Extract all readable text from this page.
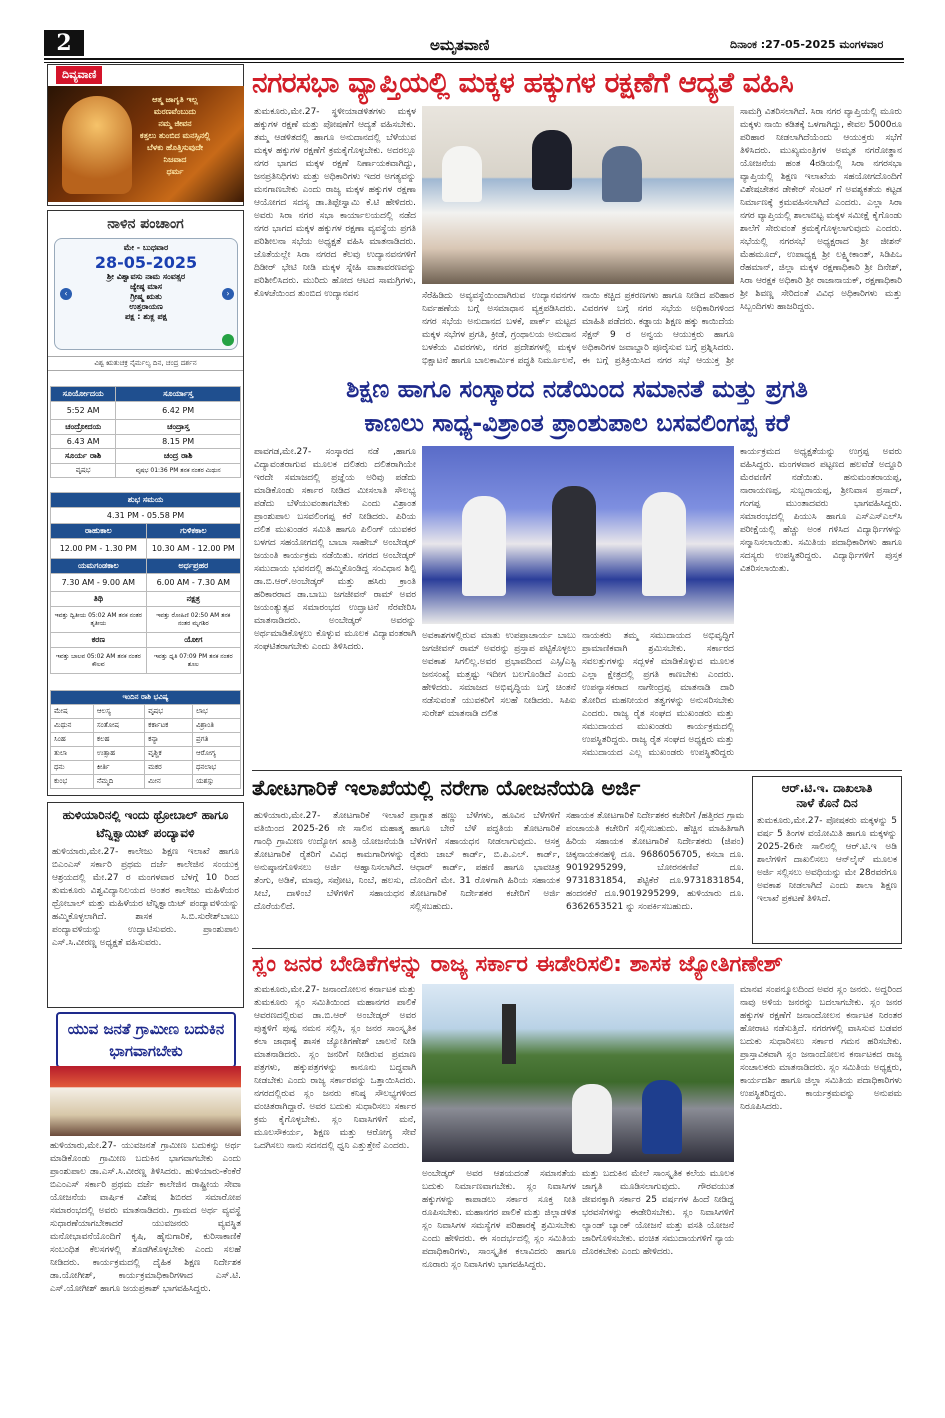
2	ಅಮೃತವಾಣಿ	ದಿನಾಂಕ :27-05-2025 ಮಂಗಳವಾರ
ದಿವ್ಯವಾಣಿ
ಆತ್ಮ ಜಾಗೃತಿ ಇಲ್ಲ
ಮರಣವೆಂಬುದು
ನಮ್ಮ ಜೀವನ
ಕತ್ತಲು ತುಂಬಿದ ಮನಸ್ಸಿನಲ್ಲಿ
ಬೆಳಕು ಹೊತ್ತಿಸುವುದೇ
ನಿಜವಾದ
ಧರ್ಮ
ನಾಳಿನ ಪಂಚಾಂಗ
ಮೇ - ಬುಧವಾರ
28-05-2025
ಶ್ರೀ ವಿಶ್ವಾವಸು ನಾಮ ಸಂವತ್ಸರ
ಜ್ಯೇಷ್ಠ ಮಾಸ
ಗ್ರೀಷ್ಮ ಋತು
ಉತ್ತರಾಯಣ
ಪಕ್ಷ : ಶುಕ್ಲ ಪಕ್ಷ
‹	›
ವಿಶ್ವ ಋತುಚಕ್ರ ನೈರ್ಮಲ್ಯ ದಿನ, ಚಂದ್ರ ದರ್ಶನ
ಸೂರ್ಯೋದಯ	ಸೂರ್ಯಾಸ್ತ
5:52 AM	6.42 PM
ಚಂದ್ರೋದಯ	ಚಂದ್ರಾಸ್ತ
6.43 AM	8.15 PM
ಸೂರ್ಯ ರಾಶಿ	ಚಂದ್ರ ರಾಶಿ
ವೃಷಭ	ವೃಷಭ 01:36 PM ತನಕ ನಂತರ ಮಿಥುನ
ಶುಭ ಸಮಯ	
4.31 PM - 05.58 PM	
ರಾಹುಕಾಲ	ಗುಳಿಕಕಾಲ
12.00 PM - 1.30 PM	10.30 AM - 12.00 PM
ಯಮಗಂಡಕಾಲ	ಅರ್ಧಪ್ರಹರ
7.30 AM - 9.00 AM	6.00 AM - 7.30 AM
ತಿಥಿ	ನಕ್ಷತ್ರ
ಇವತ್ತು ದ್ವಿತೀಯ 05:02 AM ತನಕ ನಂತರ ತೃತೀಯ	ಇವತ್ತು ರೋಹಿಣಿ 02:50 AM ತನಕ ನಂತರ ಮೃಗಶಿರ
ಕರಣ	ಯೋಗ
ಇವತ್ತು ಬಾಲವ 05:02 AM ತನಕ ನಂತರ ಕೌಲವ	ಇವತ್ತು ಧೃತಿ 07:09 PM ತನಕ ನಂತರ ಶೂಲ
ಇಂದಿನ ರಾಶಿ ಭವಿಷ್ಯ			
ಮೇಷ	ಆಲಸ್ಯ	ವೃಷಭ	ಲಾಭ
ಮಿಥುನ	ಸಂತೋಷ	ಕರ್ಕಾಟಕ	ವಿಶ್ರಾಂತಿ
ಸಿಂಹ	ಕಲಹ	ಕನ್ಯಾ	ಪ್ರಗತಿ
ತುಲಾ	ಉತ್ಸಾಹ	ವೃಶ್ಚಿಕ	ಆರೋಗ್ಯ
ಧನು	ಕೀರ್ತಿ	ಮಕರ	ಧನಲಾಭ
ಕುಂಭ	ನೆಮ್ಮದಿ	ಮೀನ	ಯಶಸ್ಸು
ಹುಳಿಯಾರಿನಲ್ಲಿ ಇಂದು ಥ್ರೋಬಾಲ್ ಹಾಗೂ ಟೆನ್ನಿಕ್ವಾಯಿಟ್ ಪಂದ್ಯಾವಳಿ
ಹುಳಿಯಾರು,ಮೇ.27- ಕಾಲೇಜು ಶಿಕ್ಷಣ ಇಲಾಖೆ ಹಾಗೂ ಬಿಎಂಎಸ್ ಸರ್ಕಾರಿ ಪ್ರಥಮ ದರ್ಜೆ ಕಾಲೇಜಿನ ಸಂಯುಕ್ತ ಆಶ್ರಯದಲ್ಲಿ ಮೇ.27 ರ ಮಂಗಳವಾರ ಬೆಳಗ್ಗೆ 10 ರಿಂದ ತುಮಕೂರು ವಿಶ್ವವಿದ್ಯಾನಿಲಯದ ಅಂತರ ಕಾಲೇಜು ಮಹಿಳೆಯರ ಥ್ರೋಬಾಲ್ ಮತ್ತು ಮಹಿಳೆಯರ ಟೆನ್ನಿಕ್ವಾಯಿಟ್ ಪಂದ್ಯಾವಳಿಯನ್ನು ಹಮ್ಮಿಕೊಳ್ಳಲಾಗಿದೆ. ಶಾಸಕ ಸಿ.ಬಿ.ಸುರೇಶ್‌ಬಾಬು ಪಂದ್ಯಾವಳಿಯನ್ನು ಉದ್ಘಾಟಿಸುವರು. ಪ್ರಾಂಶುಪಾಲ ಎಸ್.ಸಿ.ವೀರಣ್ಣ ಅಧ್ಯಕ್ಷತೆ ವಹಿಸುವರು.
ಯುವ ಜನತೆ ಗ್ರಾಮೀಣ ಬದುಕಿನ ಭಾಗವಾಗಬೇಕು
ಹುಳಿಯಾರು,ಮೇ.27- ಯುವಜನತೆ ಗ್ರಾಮೀಣ ಬದುಕನ್ನು ಅರ್ಥ ಮಾಡಿಕೊಂಡು ಗ್ರಾಮೀಣ ಬದುಕಿನ ಭಾಗವಾಗಬೇಕು ಎಂದು ಪ್ರಾಂಶುಪಾಲ ಡಾ.ಎಸ್.ಸಿ.ವೀರಣ್ಣ ತಿಳಿಸಿದರು. ಹುಳಿಯಾರು-ಕೆಂಕೆರೆ ಬಿಎಂಎಸ್ ಸರ್ಕಾರಿ ಪ್ರಥಮ ದರ್ಜೆ ಕಾಲೇಜಿನ ರಾಷ್ಟ್ರೀಯ ಸೇವಾ ಯೋಜನೆಯ ವಾರ್ಷಿಕ ವಿಶೇಷ ಶಿಬಿರದ ಸಮಾರೋಪ ಸಮಾರಂಭದಲ್ಲಿ ಅವರು ಮಾತನಾಡಿದರು. ಗ್ರಾಮದ ಅರ್ಥ ವ್ಯವಸ್ಥೆ ಸುಧಾರಣೆಯಾಗಬೇಕಾದರೆ ಯುವಜನರು ವ್ಯವಸ್ಥಿತ ಮನೋಭಾವನೆಯೊಂದಿಗೆ ಕೃಷಿ, ಹೈನುಗಾರಿಕೆ, ಕುರಿಸಾಕಾಣಿಕೆ ಸಂಬಂಧಿತ ಕೆಲಸಗಳಲ್ಲಿ ತೊಡಗಿಕೊಳ್ಳಬೇಕು ಎಂದು ಸಲಹೆ ನೀಡಿದರು. ಕಾರ್ಯಕ್ರಮದಲ್ಲಿ ದೈಹಿಕ ಶಿಕ್ಷಣ ನಿರ್ದೇಶಕ ಡಾ.ಯೋಗೀಶ್, ಕಾರ್ಯಕ್ರಮಾಧಿಕಾರಿಗಳಾದ ಎಸ್.ಟಿ. ಎಸ್.ಯೋಗೀಶ್ ಹಾಗೂ ಜಯಪ್ರಕಾಶ್ ಭಾಗವಹಿಸಿದ್ದರು.
ನಗರಸಭಾ ವ್ಯಾಪ್ತಿಯಲ್ಲಿ ಮಕ್ಕಳ ಹಕ್ಕುಗಳ ರಕ್ಷಣೆಗೆ ಆದ್ಯತೆ ವಹಿಸಿ
ತುಮಕೂರು,ಮೇ.27- ಸ್ಥಳೀಯಾಡಳಿತಗಳು ಮಕ್ಕಳ ಹಕ್ಕುಗಳ ರಕ್ಷಣೆ ಮತ್ತು ಪೋಷಣೆಗೆ ಆದ್ಯತೆ ವಹಿಸಬೇಕು. ತಮ್ಮ ಆಡಳಿತದಲ್ಲಿ ಹಾಗೂ ಅನುದಾನದಲ್ಲಿ ಬೆಳೆಯುವ ಮಕ್ಕಳ ಹಕ್ಕುಗಳ ರಕ್ಷಣೆಗೆ ಕ್ರಮಕೈಗೊಳ್ಳಬೇಕು. ಅದರಲ್ಲೂ ನಗರ ಭಾಗದ ಮಕ್ಕಳ ರಕ್ಷಣೆ ನಿರ್ಣಾಯಕವಾಗಿದ್ದು, ಜನಪ್ರತಿನಿಧಿಗಳು ಮತ್ತು ಅಧಿಕಾರಿಗಳು ಇದರ ಅಗತ್ಯವನ್ನು ಮನಗಾಣಬೇಕು ಎಂದು ರಾಜ್ಯ ಮಕ್ಕಳ ಹಕ್ಕುಗಳ ರಕ್ಷಣಾ ಆಯೋಗದ ಸದಸ್ಯ ಡಾ.ತಿಪ್ಪೇಸ್ವಾಮಿ ಕೆ.ಟಿ ಹೇಳಿದರು. ಅವರು ಸಿರಾ ನಗರ ಸಭಾ ಕಾರ್ಯಾಲಯದಲ್ಲಿ ನಡೆದ ನಗರ ಭಾಗದ ಮಕ್ಕಳ ಹಕ್ಕುಗಳ ರಕ್ಷಣಾ ವ್ಯವಸ್ಥೆಯ ಪ್ರಗತಿ ಪರಿಶೀಲನಾ ಸಭೆಯ ಅಧ್ಯಕ್ಷತೆ ವಹಿಸಿ ಮಾತನಾಡಿದರು. ಜೊತೆಯಲ್ಲೇ ಸಿರಾ ನಗರದ ಕೆಲವು ಉದ್ಯಾನವನಗಳಿಗೆ ದಿಡೀರ್ ಭೇಟಿ ನೀಡಿ ಮಕ್ಕಳ ಸ್ನೇಹಿ ವಾತಾವರಣವನ್ನು ಪರಿಶೀಲಿಸಿದರು. ಮುರಿದು ಹೋದ ಆಟದ ಸಾಮಗ್ರಿಗಳು, ಕೊಳಚೆಯಿಂದ ತುಂಬಿದ ಉದ್ಯಾನವನ	ಸೆರೆಹಿಡಿದು ಅವ್ಯವಸ್ಥೆಯಿಂದಾಗಿರುವ ಉದ್ಯಾನವನಗಳ ನಿರ್ವಹಣೆಯ ಬಗ್ಗೆ ಅಸಮಾಧಾನ ವ್ಯಕ್ತಪಡಿಸಿದರು. ನಗರ ಸಭೆಯ ಅನುದಾನದ ಬಳಕೆ, ಪಾರ್ಕ್ ಮಟ್ಟದ ಮಕ್ಕಳ ಸಭೆಗಳ ಪ್ರಗತಿ, ಕ್ರೀಡೆ, ಗ್ರಂಥಾಲಯ ಅನುದಾನ ಬಳಕೆಯ ವಿವರಗಳು, ನಗರ ಪ್ರದೇಶಗಳಲ್ಲಿ ಮಕ್ಕಳ ಭಿಕ್ಷಾಟನೆ ಹಾಗೂ ಬಾಲಕಾರ್ಮಿಕ ಪದ್ಧತಿ ನಿರ್ಮೂಲನೆ,
ನಾಯಿ ಕಚ್ಚಿದ ಪ್ರಕರಣಗಳು ಹಾಗೂ ನೀಡಿದ ಪರಿಹಾರ ವಿವರಗಳ ಬಗ್ಗೆ ನಗರ ಸಭೆಯ ಅಧಿಕಾರಿಗಳಿಂದ ಮಾಹಿತಿ ಪಡೆದರು. ಕಡ್ಡಾಯ ಶಿಕ್ಷಣ ಹಕ್ಕು ಕಾಯಿದೆಯ ಸೆಕ್ಷನ್ 9 ರ ಅನ್ವಯ ಆಯುಕ್ತರು ಹಾಗೂ ಅಧಿಕಾರಿಗಳ ಜವಾಬ್ದಾರಿ ಪೂರೈಸುವ ಬಗ್ಗೆ ಪ್ರಶ್ನಿಸಿದರು. ಈ ಬಗ್ಗೆ ಪ್ರತಿಕ್ರಿಯಿಸಿದ ನಗರ ಸಭೆ ಆಯುಕ್ತ ಶ್ರೀ
ಸಾಮಗ್ರಿ ವಿತರಿಸಲಾಗಿದೆ. ಸಿರಾ ನಗರ ವ್ಯಾಪ್ತಿಯಲ್ಲಿ ಮೂರು ಮಕ್ಕಳು ನಾಯಿ ಕಡಿತಕ್ಕೆ ಒಳಗಾಗಿದ್ದು, ಕೇವಲ 5000ರೂ ಪರಿಹಾರ ನೀಡಲಾಗಿದೆಯೆಂದು ಆಯುಕ್ತರು ಸಭೆಗೆ ತಿಳಿಸಿದರು. ಮುಖ್ಯಮಂತ್ರಿಗಳ ಅಮೃತ ನಗರೋತ್ಥಾನ ಯೋಜನೆಯ ಹಂತ 4ರಡಿಯಲ್ಲಿ ಸಿರಾ ನಗರಸಭಾ ವ್ಯಾಪ್ತಿಯಲ್ಲಿ ಶಿಕ್ಷಣ ಇಲಾಖೆಯ ಸಹಯೋಗದೊಂದಿಗೆ ವಿಶೇಷಚೇತನ ಡೇಕೇರ್ ಸೆಂಟರ್ ಗೆ ಅವಶ್ಯಕತೆಯ ಕಟ್ಟಡ ನಿರ್ಮಾಣಕ್ಕೆ ಕ್ರಮವಹಿಸಲಾಗಿದೆ ಎಂದರು. ಎಲ್ಲಾ ಸಿರಾ ನಗರ ವ್ಯಾಪ್ತಿಯಲ್ಲಿ ಶಾಲಾಬಿಟ್ಟ ಮಕ್ಕಳ ಸಮೀಕ್ಷೆ ಕೈಗೊಂಡು ಶಾಲೆಗೆ ಸೇರುವಂತೆ ಕ್ರಮಕೈಗೊಳ್ಳಲಾಗುವುದು ಎಂದರು. ಸಭೆಯಲ್ಲಿ ನಗರಸಭೆ ಅಧ್ಯಕ್ಷರಾದ ಶ್ರೀ ಜೀಶನ್ ಮೆಹಮೂದ್, ಉಪಾಧ್ಯಕ್ಷ ಶ್ರೀ ಲಕ್ಷ್ಮೀಕಾಂತ್, ಸಿಡಿಪಿಒ ರೆಹಮಾನ್, ಜಿಲ್ಲಾ ಮಕ್ಕಳ ರಕ್ಷಣಾಧಿಕಾರಿ ಶ್ರೀ ದಿನೇಶ್, ಸಿರಾ ಆರಕ್ಷಕ ಅಧಿಕಾರಿ ಶ್ರೀ ರಾಜಾನಾಯಕ್, ರಕ್ಷಣಾಧಿಕಾರಿ ಶ್ರೀ ಶಿವಣ್ಣ ಸೇರಿದಂತೆ ವಿವಿಧ ಅಧಿಕಾರಿಗಳು ಮತ್ತು ಸಿಬ್ಬಂದಿಗಳು ಹಾಜರಿದ್ದರು.
ಶಿಕ್ಷಣ ಹಾಗೂ ಸಂಸ್ಕಾರದ ನಡೆಯಿಂದ ಸಮಾನತೆ ಮತ್ತು ಪ್ರಗತಿ
ಕಾಣಲು ಸಾಧ್ಯ-ವಿಶ್ರಾಂತ ಪ್ರಾಂಶುಪಾಲ ಬಸವಲಿಂಗಪ್ಪ ಕರೆ
ಪಾವಗಡ,ಮೇ.27- ಸಂಸ್ಕಾರದ ನಡೆ ,ಹಾಗೂ ವಿದ್ಯಾವಂತರಾಗುವ ಮೂಲಕ ದಲಿತರು ದಲಿತರಾಗಿಯೇ ಇರದೇ ಸಮಾಜದಲ್ಲಿ ಪ್ರಜ್ಞೆಯ ಅರಿವು ಪಡೆದು ಮಾಡಿಕೊಂಡು ಸರ್ಕಾರ ನೀಡಿದ ಮೀಸಲಾತಿ ಸೌಲಭ್ಯ ಪಡೆದು ಬೆಳೆಯುವಂತಾಗಬೇಕು ಎಂದು ವಿಶ್ರಾಂತ ಪ್ರಾಂಶುಪಾಲ ಬಸವಲಿಂಗಪ್ಪ ಕರೆ ನೀಡಿದರು. ಪಿರಿಯ ದಲಿತ ಮುಖಂಡರ ಸಮಿತಿ ಹಾಗೂ ಪಿಲಿಂಗ್ ಯುವಕರ ಬಳಗದ ಸಹಯೋಗದಲ್ಲಿ ಬಾಬಾ ಸಾಹೇಬ್ ಅಂಬೇಡ್ಕರ್ ಜಯಂತಿ ಕಾರ್ಯಕ್ರಮ ನಡೆಯಿತು. ನಗರದ ಅಂಬೇಡ್ಕರ್ ಸಮುದಾಯ ಭವನದಲ್ಲಿ ಹಮ್ಮಿಕೊಂಡಿದ್ದ ಸಂವಿಧಾನ ಶಿಲ್ಪಿ ಡಾ.ಬಿ.ಆರ್.ಅಂಬೇಡ್ಕರ್ ಮತ್ತು ಹಸಿರು ಕ್ರಾಂತಿ ಹರಿಕಾರರಾದ ಡಾ.ಬಾಬು ಜಗಜೀವನ್ ರಾಮ್ ಅವರ ಜಯಂತ್ಯುತ್ಸವ ಸಮಾರಂಭದ ಉದ್ಘಾಟನೆ ನೆರವೇರಿಸಿ ಮಾತನಾಡಿದರು. ಅಂಬೇಡ್ಕರ್ ಅವರನ್ನು ಅರ್ಥಮಾಡಿಕೊಳ್ಳಲು ಕೊಳ್ಳುವ ಮೂಲಕ ವಿದ್ಯಾವಂತರಾಗಿ ಸಂಘಟಿತರಾಗಬೇಕು ಎಂದು ತಿಳಿಸಿದರು.
ಅವಕಾಶಗಳಲ್ಲಿರುವ ಮಾತು ಉಪಪ್ರಾಚಾರ್ಯ ಬಾಬು ಜಗಜೀವನ್ ರಾಮ್ ಅವರನ್ನು ಪ್ರಸ್ತಾಪ ಪಟ್ಟಿಕೊಳ್ಳಲು ಅವಕಾಶ ಸಿಗಲಿಲ್ಲ.ಅವರ ಪ್ರಭಾವದಿಂದ ಎಸ್ಸಿ/ಎಸ್ಟಿ ಜನಸಂಖ್ಯೆ ಮತ್ತಷ್ಟು ಇದೀಗ ಬಲಗೊಂಡಿದೆ ಎಂದು ಹೇಳಿದರು. ಸಮಾಜದ ಅಭಿವೃದ್ಧಿಯ ಬಗ್ಗೆ ಚಿಂತನೆ ನಡೆಸುವಂತೆ ಯುವಕರಿಗೆ ಸಲಹೆ ನೀಡಿದರು. ಸಿಪಿಐ ಸುರೇಶ್ ಮಾತನಾಡಿ ದಲಿತ
ನಾಯಕರು ತಮ್ಮ ಸಮುದಾಯದ ಅಭಿವೃದ್ಧಿಗೆ ಪ್ರಾಮಾಣಿಕವಾಗಿ ಶ್ರಮಿಸಬೇಕು. ಸರ್ಕಾರದ ಸವಲತ್ತುಗಳನ್ನು ಸದ್ಬಳಕೆ ಮಾಡಿಕೊಳ್ಳುವ ಮೂಲಕ ಎಲ್ಲಾ ಕ್ಷೇತ್ರದಲ್ಲಿ ಪ್ರಗತಿ ಕಾಣಬೇಕು ಎಂದರು. ಉಪನ್ಯಾಸಕರಾದ ನಾಗೇಂದ್ರಪ್ಪ ಮಾತನಾಡಿ ದಾರಿ ತೋರಿದ ಮಹನೀಯರ ತತ್ವಗಳನ್ನು ಅನುಸರಿಸಬೇಕು ಎಂದರು. ರಾಜ್ಯ ರೈತ ಸಂಘದ ಮುಖಂಡರು ಮತ್ತು ಸಮುದಾಯದ ಮುಖಂಡರು ಕಾರ್ಯಕ್ರಮದಲ್ಲಿ ಉಪಸ್ಥಿತರಿದ್ದರು. ರಾಜ್ಯ ರೈತ ಸಂಘದ ಅಧ್ಯಕ್ಷರು ಮತ್ತು ಸಮುದಾಯದ ಎಲ್ಲ ಮುಖಂಡರು ಉಪಸ್ಥಿತರಿದ್ದರು
ಕಾರ್ಯಕ್ರಮದ ಅಧ್ಯಕ್ಷತೆಯನ್ನು ಉಗ್ರಪ್ಪ ಅವರು ವಹಿಸಿದ್ದರು. ಮಂಗಳವಾರ ಪಟ್ಟಣದ ಹಲವೆಡೆ ಅದ್ದೂರಿ ಮೆರವಣಿಗೆ ನಡೆಯಿತು. ಹನುಮಂತರಾಯಪ್ಪ, ನಾರಾಯಣಪ್ಪ, ಸುಬ್ಬರಾಯಪ್ಪ, ಶ್ರೀನಿವಾಸ ಪ್ರಸಾದ್, ಗಂಗಪ್ಪ ಮುಂತಾದವರು ಭಾಗವಹಿಸಿದ್ದರು. ಸಮಾರಂಭದಲ್ಲಿ ಪಿಯುಸಿ ಹಾಗೂ ಎಸ್ಎಸ್ಎಲ್‌ಸಿ ಪರೀಕ್ಷೆಯಲ್ಲಿ ಹೆಚ್ಚು ಅಂಕ ಗಳಿಸಿದ ವಿದ್ಯಾರ್ಥಿಗಳನ್ನು ಸನ್ಮಾನಿಸಲಾಯಿತು. ಸಮಿತಿಯ ಪದಾಧಿಕಾರಿಗಳು ಹಾಗೂ ಸದಸ್ಯರು ಉಪಸ್ಥಿತರಿದ್ದರು. ವಿದ್ಯಾರ್ಥಿಗಳಿಗೆ ಪುಸ್ತಕ ವಿತರಿಸಲಾಯಿತು.
ತೋಟಗಾರಿಕೆ ಇಲಾಖೆಯಲ್ಲಿ ನರೇಗಾ ಯೋಜನೆಯಡಿ ಅರ್ಜಿ
ಹುಳಿಯಾರು,ಮೇ.27- ತೋಟಗಾರಿಕೆ ಇಲಾಖೆ ವತಿಯಿಂದ 2025-26 ನೇ ಸಾಲಿನ ಮಹಾತ್ಮ ಗಾಂಧಿ ಗ್ರಾಮೀಣ ಉದ್ಯೋಗ ಖಾತ್ರಿ ಯೋಜನೆಯಡಿ ತೋಟಗಾರಿಕೆ ರೈತರಿಗೆ ವಿವಿಧ ಕಾಮಗಾರಿಗಳನ್ನು ಅನುಷ್ಠಾನಗೊಳಿಸಲು ಅರ್ಜಿ ಆಹ್ವಾನಿಸಲಾಗಿದೆ. ತೆಂಗು, ಅಡಿಕೆ, ಮಾವು, ಸಪೋಟ, ನಿಂಬೆ, ಹಲಸು, ಸೀಬೆ, ದಾಳಿಂಬೆ ಬೆಳೆಗಳಿಗೆ ಸಹಾಯಧನ ದೊರೆಯಲಿದೆ.
ಪ್ರಾಗ್ಜಾತ ಹಣ್ಣು ಬೆಳೆಗಳು, ಹೂವಿನ ಬೆಳೆಗಳಿಗೆ ಹಾಗೂ ಬೇರೆ ಬೆಳೆ ಪದ್ಧತಿಯ ತೋಟಗಾರಿಕೆ ಬೆಳೆಗಳಿಗೆ ಸಹಾಯಧನ ನೀಡಲಾಗುವುದು. ಆಸಕ್ತ ರೈತರು ಜಾಬ್ ಕಾರ್ಡ್, ಬಿ.ಪಿ.ಎಲ್. ಕಾರ್ಡ್, ಆಧಾರ್ ಕಾರ್ಡ್, ಪಹಣಿ ಹಾಗೂ ಭಾವಚಿತ್ರ ದೊಂದಿಗೆ ಮೇ. 31 ರೊಳಗಾಗಿ ಹಿರಿಯ ಸಹಾಯಕ ತೋಟಗಾರಿಕೆ ನಿರ್ದೇಶಕರ ಕಚೇರಿಗೆ ಅರ್ಜಿ ಸಲ್ಲಿಸಬಹುದು.
ಸಹಾಯಕ ತೋಟಗಾರಿಕೆ ನಿರ್ದೇಶಕರ ಕಚೇರಿಗೆ /ಹತ್ತಿರದ ಗ್ರಾಮ ಪಂಚಾಯತಿ ಕಚೇರಿಗೆ ಸಲ್ಲಿಸಬಹುದು. ಹೆಚ್ಚಿನ ಮಾಹಿತಿಗಾಗಿ ಹಿರಿಯ ಸಹಾಯಕ ತೋಟಗಾರಿಕೆ ನಿರ್ದೇಶಕರು (ಜಿಪಂ) ಚಿಕ್ಕನಾಯಕನಹಳ್ಳಿ ದೂ. 9686056705, ಕಸಬಾ ದೂ. 9019295299, ಬೋರನಕಣಿವೆ ದೂ. 9731831854, ಶೆಟ್ಟಿಕೆರೆ ದೂ.9731831854, ಹಂದನಕೆರೆ ದೂ.9019295299, ಹುಳಿಯಾರು ದೂ. 6362653521 ನ್ನು ಸಂಪರ್ಕಿಸಬಹುದು.
ಆರ್.ಟಿ.ಇ. ದಾಖಲಾತಿ
ನಾಳೆ ಕೊನೆ ದಿನ
ತುಮಕೂರು,ಮೇ.27- ಪೋಷಕರು ಮಕ್ಕಳನ್ನು 5 ವರ್ಷ 5 ತಿಂಗಳ ವಯೋಮಿತಿ ಹಾಗೂ ಮಕ್ಕಳನ್ನು 2025-26ನೇ ಸಾಲಿನಲ್ಲಿ ಆರ್.ಟಿ.ಇ ಅಡಿ ಶಾಲೆಗಳಿಗೆ ದಾಖಲಿಸಲು ಆನ್‌ಲೈನ್ ಮೂಲಕ ಅರ್ಜಿ ಸಲ್ಲಿಸಲು ಅವಧಿಯನ್ನು ಮೇ 28ರವರೆಗೂ ಅವಕಾಶ ನೀಡಲಾಗಿದೆ ಎಂದು ಶಾಲಾ ಶಿಕ್ಷಣ ಇಲಾಖೆ ಪ್ರಕಟಣೆ ತಿಳಿಸಿದೆ.
ಸ್ಲಂ ಜನರ ಬೇಡಿಕೆಗಳನ್ನು ರಾಜ್ಯ ಸರ್ಕಾರ ಈಡೇರಿಸಲಿ: ಶಾಸಕ ಜ್ಯೋತಿಗಣೇಶ್
ತುಮಕೂರು,ಮೇ.27- ಜನಾಂದೋಲನ ಕರ್ನಾಟಕ ಮತ್ತು ತುಮಕೂರು ಸ್ಲಂ ಸಮಿತಿಯಿಂದ ಮಹಾನಗರ ಪಾಲಿಕೆ ಆವರಣದಲ್ಲಿರುವ ಡಾ.ಬಿ.ಆರ್ ಅಂಬೇಡ್ಕರ್ ಅವರ ಪುತ್ಥಳಿಗೆ ಪುಷ್ಪ ನಮನ ಸಲ್ಲಿಸಿ, ಸ್ಲಂ ಜನರ ಸಾಂಸ್ಕೃತಿಕ ಕಲಾ ಜಾಥಾಕ್ಕೆ ಶಾಸಕ ಜ್ಯೋತಿಗಣೇಶ್ ಚಾಲನೆ ನೀಡಿ ಮಾತನಾಡಿದರು. ಸ್ಲಂ ಜನರಿಗೆ ನೀಡಿರುವ ಪ್ರಮಾಣ ಪತ್ರಗಳು, ಹಕ್ಕುಪತ್ರಗಳನ್ನು ಕಾನೂನು ಬದ್ಧವಾಗಿ ನೀಡಬೇಕು ಎಂದು ರಾಜ್ಯ ಸರ್ಕಾರವನ್ನು ಒತ್ತಾಯಿಸಿದರು. ನಗರದಲ್ಲಿರುವ ಸ್ಲಂ ಜನರು ಕನಿಷ್ಠ ಸೌಲಭ್ಯಗಳಿಂದ ವಂಚಿತರಾಗಿದ್ದಾರೆ. ಅವರ ಬದುಕು ಸುಧಾರಿಸಲು ಸರ್ಕಾರ ಕ್ರಮ ಕೈಗೊಳ್ಳಬೇಕು. ಸ್ಲಂ ನಿವಾಸಿಗಳಿಗೆ ಮನೆ, ಮೂಲಸೌಕರ್ಯ, ಶಿಕ್ಷಣ ಮತ್ತು ಆರೋಗ್ಯ ಸೇವೆ ಒದಗಿಸಲು ನಾನು ಸದನದಲ್ಲಿ ಧ್ವನಿ ಎತ್ತುತ್ತೇನೆ ಎಂದರು.
ಅಂಬೇಡ್ಕರ್ ಅವರ ಆಶಯದಂತೆ ಸಮಾನತೆಯ ಬದುಕು ನಿರ್ಮಾಣವಾಗಬೇಕು. ಸ್ಲಂ ನಿವಾಸಿಗಳ ಹಕ್ಕುಗಳನ್ನು ಕಾಪಾಡಲು ಸರ್ಕಾರ ಸೂಕ್ತ ನೀತಿ ರೂಪಿಸಬೇಕು. ಮಹಾನಗರ ಪಾಲಿಕೆ ಮತ್ತು ಜಿಲ್ಲಾಡಳಿತ ಸ್ಲಂ ನಿವಾಸಿಗಳ ಸಮಸ್ಯೆಗಳ ಪರಿಹಾರಕ್ಕೆ ಶ್ರಮಿಸಬೇಕು ಎಂದು ಹೇಳಿದರು. ಈ ಸಂದರ್ಭದಲ್ಲಿ ಸ್ಲಂ ಸಮಿತಿಯ ಪದಾಧಿಕಾರಿಗಳು, ಸಾಂಸ್ಕೃತಿಕ ಕಲಾವಿದರು ಹಾಗೂ ನೂರಾರು ಸ್ಲಂ ನಿವಾಸಿಗಳು ಭಾಗವಹಿಸಿದ್ದರು.
ಮತ್ತು ಬದುಕಿನ ಮೇಲೆ ಸಾಂಸ್ಕೃತಿಕ ಕಲೆಯ ಮೂಲಕ ಜಾಗೃತಿ ಮೂಡಿಸಲಾಗುವುದು. ಗೌರವಯುತ ಜೀವನಕ್ಕಾಗಿ ಸರ್ಕಾರ 25 ವರ್ಷಗಳ ಹಿಂದೆ ನೀಡಿದ್ದ ಭರವಸೆಗಳನ್ನು ಈಡೇರಿಸಬೇಕು. ಸ್ಲಂ ನಿವಾಸಿಗಳಿಗೆ ಲ್ಯಾಂಡ್ ಬ್ಯಾಂಕ್ ಯೋಜನೆ ಮತ್ತು ವಸತಿ ಯೋಜನೆ ಜಾರಿಗೊಳಿಸಬೇಕು. ವಂಚಿತ ಸಮುದಾಯಗಳಿಗೆ ನ್ಯಾಯ ದೊರಕಬೇಕು ಎಂದು ಹೇಳಿದರು.
ಮಾನವ ಸಂಪನ್ಮೂಲದಿಂದ ಅವರ ಸ್ಲಂ ಜನರು. ಅದ್ದರಿಂದ ನಾವು ಅಳಿಯ ಜನರನ್ನು ಬದಲಾಗಬೇಕು. ಸ್ಲಂ ಜನರ ಹಕ್ಕುಗಳ ರಕ್ಷಣೆಗೆ ಜನಾಂದೋಲನ ಕರ್ನಾಟಕ ನಿರಂತರ ಹೋರಾಟ ನಡೆಸುತ್ತಿದೆ. ನಗರಗಳಲ್ಲಿ ವಾಸಿಸುವ ಬಡವರ ಬದುಕು ಸುಧಾರಿಸಲು ಸರ್ಕಾರ ಗಮನ ಹರಿಸಬೇಕು. ಪ್ರಾಸ್ತಾವಿಕವಾಗಿ ಸ್ಲಂ ಜನಾಂದೋಲನ ಕರ್ನಾಟಕದ ರಾಜ್ಯ ಸಂಚಾಲಕರು ಮಾತನಾಡಿದರು. ಸ್ಲಂ ಸಮಿತಿಯ ಅಧ್ಯಕ್ಷರು, ಕಾರ್ಯದರ್ಶಿ ಹಾಗೂ ಜಿಲ್ಲಾ ಸಮಿತಿಯ ಪದಾಧಿಕಾರಿಗಳು ಉಪಸ್ಥಿತರಿದ್ದರು. ಕಾರ್ಯಕ್ರಮವನ್ನು ಅನುಪಮ ನಿರೂಪಿಸಿದರು.
